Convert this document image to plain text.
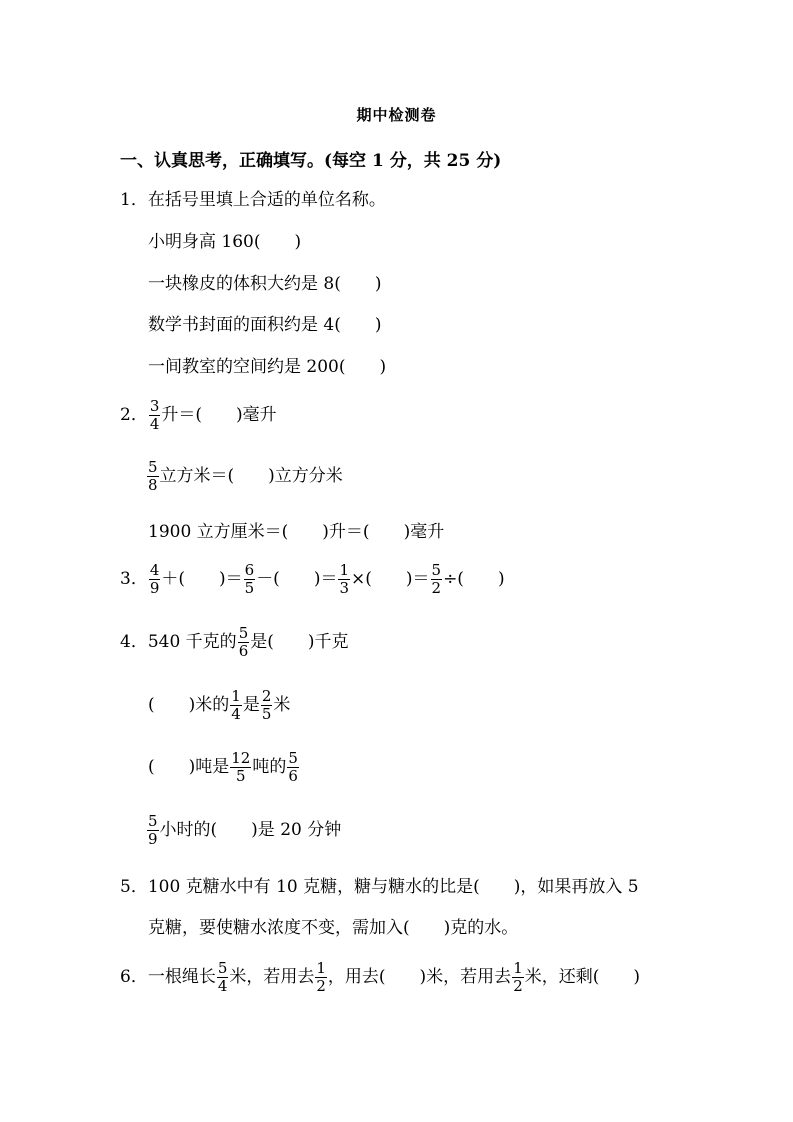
期中检测卷
一、认真思考，正确填写。(每空 1 分，共 25 分)
1．在括号里填上合适的单位名称。
小明身高 160(　　)
一块橡皮的体积大约是 8(　　)
数学书封面的面积约是 4(　　)
一间教室的空间约是 200(　　)
2． $\frac{3}{4}$ 升＝(　　)毫升
$\frac{5}{8}$ 立方米＝(　　)立方分米
1900 立方厘米＝(　　)升＝(　　)毫升
3． $\frac{4}{9}$ ＋(　　)＝ $\frac{6}{5}$ －(　　)＝ $\frac{1}{3}$ ×(　　)＝ $\frac{5}{2}$ ÷(　　)
4．540 千克的 $\frac{5}{6}$ 是(　　)千克
(　　)米的 $\frac{1}{4}$ 是 $\frac{2}{5}$ 米
(　　)吨是 $\frac{12}{5}$ 吨的 $\frac{5}{6}$
$\frac{5}{9}$ 小时的(　　)是 20 分钟
5．100 克糖水中有 10 克糖，糖与糖水的比是(　　)，如果再放入 5
克糖，要使糖水浓度不变，需加入(　　)克的水。
6．一根绳长 $\frac{5}{4}$ 米，若用去 $\frac{1}{2}$ ，用去(　　)米，若用去 $\frac{1}{2}$ 米，还剩(　　)
